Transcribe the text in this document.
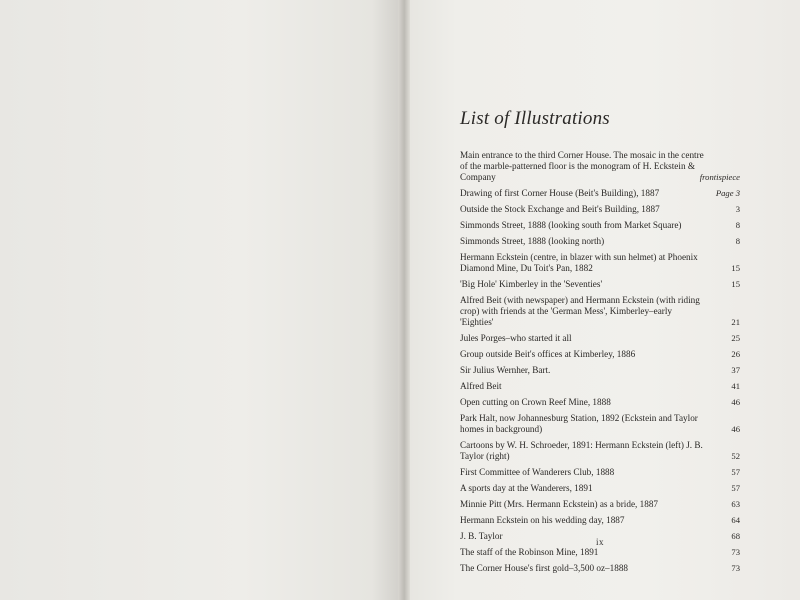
List of Illustrations
Main entrance to the third Corner House. The mosaic in the centre of the marble-patterned floor is the monogram of H. Eckstein & Company	frontispiece
Drawing of first Corner House (Beit's Building), 1887	Page 3
Outside the Stock Exchange and Beit's Building, 1887	3
Simmonds Street, 1888 (looking south from Market Square)	8
Simmonds Street, 1888 (looking north)	8
Hermann Eckstein (centre, in blazer with sun helmet) at Phoenix Diamond Mine, Du Toit's Pan, 1882	15
'Big Hole' Kimberley in the 'Seventies'	15
Alfred Beit (with newspaper) and Hermann Eckstein (with riding crop) with friends at the 'German Mess', Kimberley–early 'Eighties'	21
Jules Porges–who started it all	25
Group outside Beit's offices at Kimberley, 1886	26
Sir Julius Wernher, Bart.	37
Alfred Beit	41
Open cutting on Crown Reef Mine, 1888	46
Park Halt, now Johannesburg Station, 1892 (Eckstein and Taylor homes in background)	46
Cartoons by W. H. Schroeder, 1891: Hermann Eckstein (left) J. B. Taylor (right)	52
First Committee of Wanderers Club, 1888	57
A sports day at the Wanderers, 1891	57
Minnie Pitt (Mrs. Hermann Eckstein) as a bride, 1887	63
Hermann Eckstein on his wedding day, 1887	64
J. B. Taylor	68
The staff of the Robinson Mine, 1891	73
The Corner House's first gold–3,500 oz–1888	73
ix
